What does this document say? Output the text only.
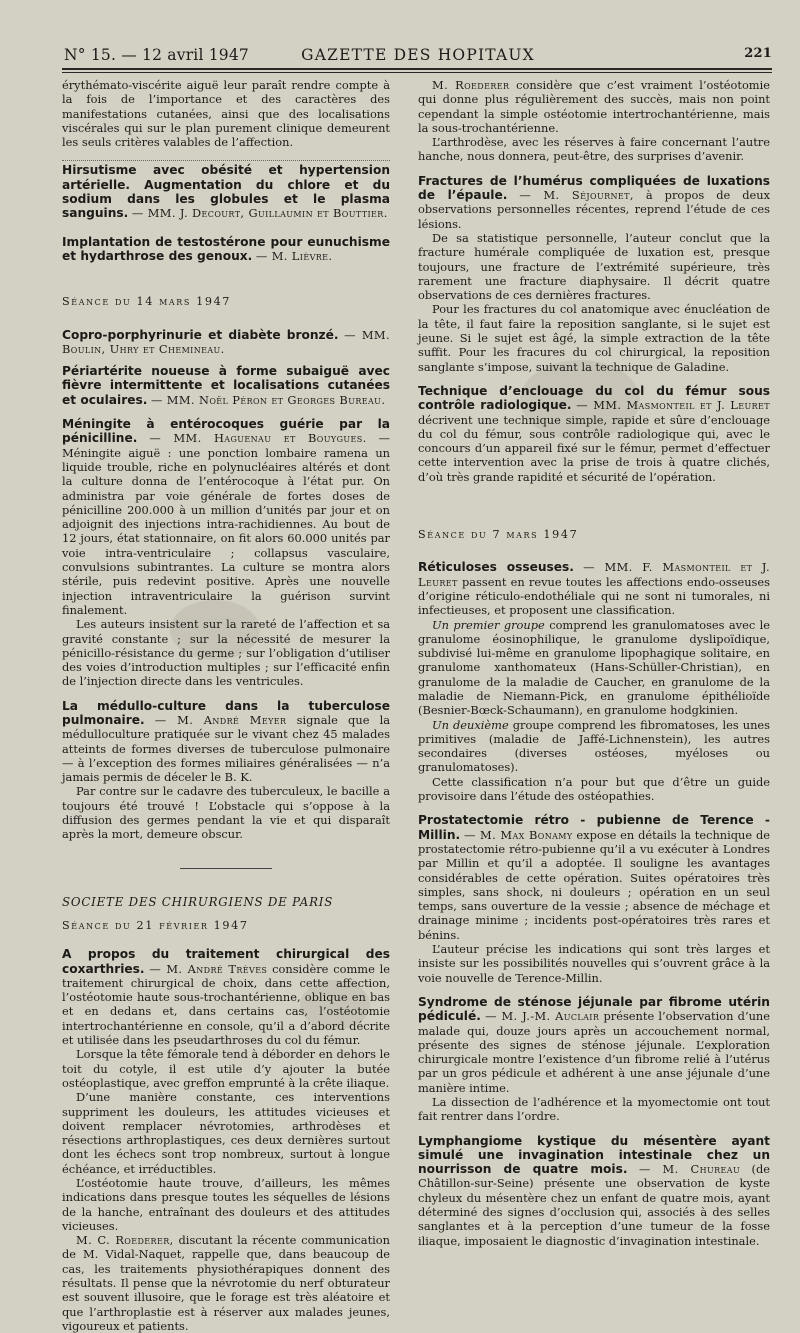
N° 15. — 12 avril 1947	GAZETTE DES HOPITAUX	221

érythémato-viscérite aiguë leur paraît rendre compte à la fois de l’importance et des caractères des manifestations cutanées, ainsi que des localisations viscérales qui sur le plan purement clinique demeurent les seuls critères valables de l’affection.

Hirsutisme avec obésité et hypertension artérielle. Augmentation du chlore et du sodium dans les globules et le plasma sanguins. — MM. J. Decourt, Guillaumin et Bouttier.

Implantation de testostérone pour eunuchisme et hydarthrose des genoux. — M. Lièvre.

Séance du 14 mars 1947

Copro-porphyrinurie et diabète bronzé. — MM. Boulin, Uhry et Chemineau.

Périartérite noueuse à forme subaiguë avec fièvre intermittente et localisations cutanées et oculaires. — MM. Noël Péron et Georges Bureau.

Méningite à entérocoques guérie par la pénicilline. — MM. Haguenau et Bouygues. — Méningite aiguë : une ponction lombaire ramena un liquide trouble, riche en polynucléaires altérés et dont la culture donna de l’entérocoque à l’état pur. On administra par voie générale de fortes doses de pénicilline 200.000 à un million d’unités par jour et on adjoignit des injections intra-rachidiennes. Au bout de 12 jours, état stationnaire, on fit alors 60.000 unités par voie intra-ventriculaire ; collapsus vasculaire, convulsions subintrantes. La culture se montra alors stérile, puis redevint positive. Après une nouvelle injection intraventriculaire la guérison survint finalement.

Les auteurs insistent sur la rareté de l’affection et sa gravité constante ; sur la nécessité de mesurer la pénicillo-résistance du germe ; sur l’obligation d’utiliser des voies d’introduction multiples ; sur l’efficacité enfin de l’injection directe dans les ventricules.

La médullo-culture dans la tuberculose pulmonaire. — M. André Meyer signale que la médulloculture pratiquée sur le vivant chez 45 malades atteints de formes diverses de tuberculose pulmonaire — à l’exception des formes miliaires généralisées — n’a jamais permis de déceler le B. K.

Par contre sur le cadavre des tuberculeux, le bacille a toujours été trouvé ! L’obstacle qui s’oppose à la diffusion des germes pendant la vie et qui disparaît après la mort, demeure obscur.

SOCIETE DES CHIRURGIENS DE PARIS

Séance du 21 février 1947

A propos du traitement chirurgical des coxarthries. — M. André Trèves considère comme le traitement chirurgical de choix, dans cette affection, l’ostéotomie haute sous-trochantérienne, oblique en bas et en dedans et, dans certains cas, l’ostéotomie intertrochantérienne en console, qu’il a d’abord décrite et utilisée dans les pseudarthroses du col du fémur.

Lorsque la tête fémorale tend à déborder en dehors le toit du cotyle, il est utile d’y ajouter la butée ostéoplastique, avec greffon emprunté à la crête iliaque.

D’une manière constante, ces interventions suppriment les douleurs, les attitudes vicieuses et doivent remplacer névrotomies, arthrodèses et résections arthroplastiques, ces deux dernières surtout dont les échecs sont trop nombreux, surtout à longue échéance, et irréductibles.

L’ostéotomie haute trouve, d’ailleurs, les mêmes indications dans presque toutes les séquelles de lésions de la hanche, entraînant des douleurs et des attitudes vicieuses.

M. C. Roederer, discutant la récente communication de M. Vidal-Naquet, rappelle que, dans beaucoup de cas, les traitements physiothérapiques donnent des résultats. Il pense que la névrotomie du nerf obturateur est souvent illusoire, que le forage est très aléatoire et que l’arthroplastie est à réserver aux malades jeunes, vigoureux et patients.

M. Roederer considère que c’est vraiment l’ostéotomie qui donne plus régulièrement des succès, mais non point cependant la simple ostéotomie intertrochantérienne, mais la sous-trochantérienne.

L’arthrodèse, avec les réserves à faire concernant l’autre hanche, nous donnera, peut-être, des surprises d’avenir.

Fractures de l’humérus compliquées de luxations de l’épaule. — M. Séjournet, à propos de deux observations personnelles récentes, reprend l’étude de ces lésions.

De sa statistique personnelle, l’auteur conclut que la fracture humérale compliquée de luxation est, presque toujours, une fracture de l’extrémité supérieure, très rarement une fracture diaphysaire. Il décrit quatre observations de ces dernières fractures.

Pour les fractures du col anatomique avec énucléation de la tête, il faut faire la reposition sanglante, si le sujet est jeune. Si le sujet est âgé, la simple extraction de la tête suffit. Pour les fracures du col chirurgical, la reposition sanglante s’impose, suivant la technique de Galadine.

Technique d’enclouage du col du fémur sous contrôle radiologique. — MM. Masmonteil et J. Leuret décrivent une technique simple, rapide et sûre d’enclouage du col du fémur, sous contrôle radiologique qui, avec le concours d’un appareil fixé sur le fémur, permet d’effectuer cette intervention avec la prise de trois à quatre clichés, d’où très grande rapidité et sécurité de l’opération.

Séance du 7 mars 1947

Réticuloses osseuses. — MM. F. Masmonteil et J. Leuret passent en revue toutes les affections endo-osseuses d’origine réticulo-endothéliale qui ne sont ni tumorales, ni infectieuses, et proposent une classification.

Un premier groupe comprend les granulomatoses avec le granulome éosinophilique, le granulome dyslipoïdique, subdivisé lui-même en granulome lipophagique solitaire, en granulome xanthomateux (Hans-Schüller-Christian), en granulome de la maladie de Caucher, en granulome de la maladie de Niemann-Pick, en granulome épithélioïde (Besnier-Bœck-Schaumann), en granulome hodgkinien.

Un deuxième groupe comprend les fibromatoses, les unes primitives (maladie de Jaffé-Lichnenstein), les autres secondaires (diverses ostéoses, myéloses ou granulomatoses).

Cette classification n’a pour but que d’être un guide provisoire dans l’étude des ostéopathies.

Prostatectomie rétro - pubienne de Terence - Millin. — M. Max Bonamy expose en détails la technique de prostatectomie rétro-pubienne qu’il a vu exécuter à Londres par Millin et qu’il a adoptée. Il souligne les avantages considérables de cette opération. Suites opératoires très simples, sans shock, ni douleurs ; opération en un seul temps, sans ouverture de la vessie ; absence de méchage et drainage minime ; incidents post-opératoires très rares et bénins.

L’auteur précise les indications qui sont très larges et insiste sur les possibilités nouvelles qui s’ouvrent grâce à la voie nouvelle de Terence-Millin.

Syndrome de sténose jéjunale par fibrome utérin pédiculé. — M. J.-M. Auclair présente l’observation d’une malade qui, douze jours après un accouchement normal, présente des signes de sténose jéjunale. L’exploration chirurgicale montre l’existence d’un fibrome relié à l’utérus par un gros pédicule et adhérent à une anse jéjunale d’une manière intime.

La dissection de l’adhérence et la myomectomie ont tout fait rentrer dans l’ordre.

Lymphangiome kystique du mésentère ayant simulé une invagination intestinale chez un nourrisson de quatre mois. — M. Chureau (de Châtillon-sur-Seine) présente une observation de kyste chyleux du mésentère chez un enfant de quatre mois, ayant déterminé des signes d’occlusion qui, associés à des selles sanglantes et à la perception d’une tumeur de la fosse iliaque, imposaient le diagnostic d’invagination intestinale.
